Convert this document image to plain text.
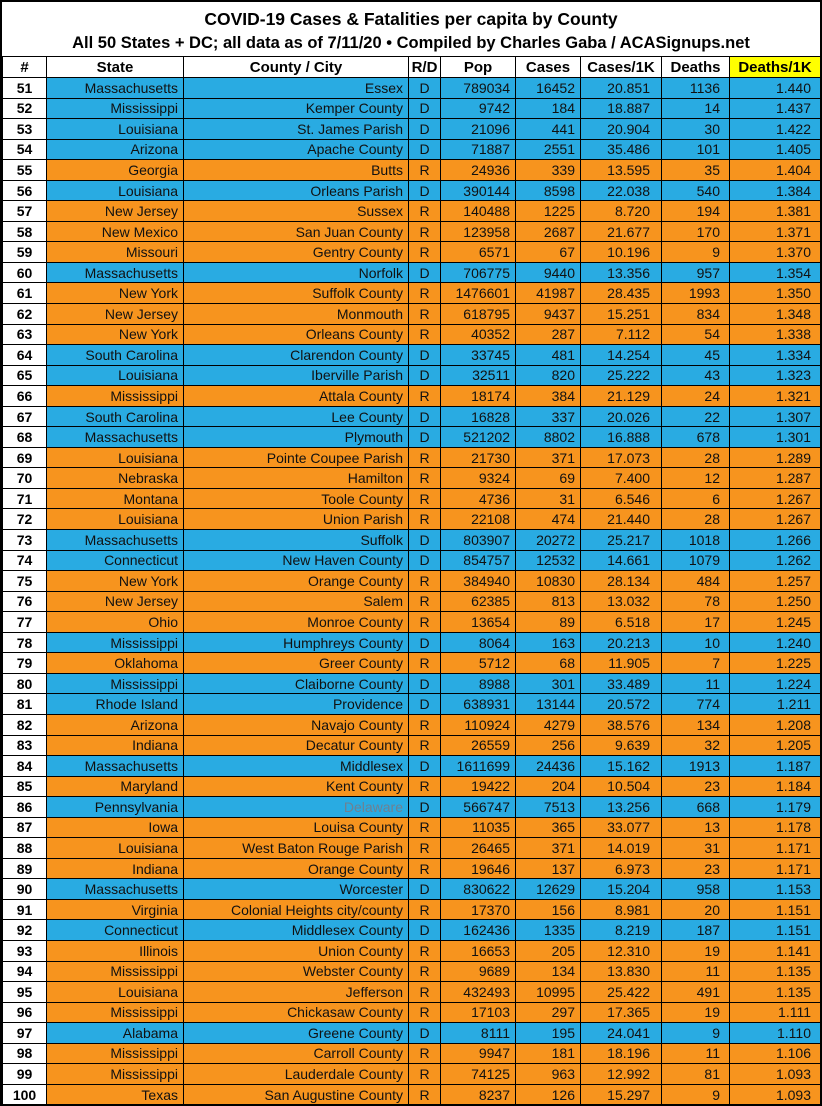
COVID-19 Cases & Fatalities per capita by County
All 50 States + DC; all data as of 7/11/20 • Compiled by Charles Gaba / ACASignups.net
#	State	County / City	R/D	Pop	Cases	Cases/1K	Deaths	Deaths/1K
51	Massachusetts	Essex	D	789034	16452	20.851	1136	1.440
52	Mississippi	Kemper County	D	9742	184	18.887	14	1.437
53	Louisiana	St. James Parish	D	21096	441	20.904	30	1.422
54	Arizona	Apache County	D	71887	2551	35.486	101	1.405
55	Georgia	Butts	R	24936	339	13.595	35	1.404
56	Louisiana	Orleans Parish	D	390144	8598	22.038	540	1.384
57	New Jersey	Sussex	R	140488	1225	8.720	194	1.381
58	New Mexico	San Juan County	R	123958	2687	21.677	170	1.371
59	Missouri	Gentry County	R	6571	67	10.196	9	1.370
60	Massachusetts	Norfolk	D	706775	9440	13.356	957	1.354
61	New York	Suffolk County	R	1476601	41987	28.435	1993	1.350
62	New Jersey	Monmouth	R	618795	9437	15.251	834	1.348
63	New York	Orleans County	R	40352	287	7.112	54	1.338
64	South Carolina	Clarendon County	D	33745	481	14.254	45	1.334
65	Louisiana	Iberville Parish	D	32511	820	25.222	43	1.323
66	Mississippi	Attala County	R	18174	384	21.129	24	1.321
67	South Carolina	Lee County	D	16828	337	20.026	22	1.307
68	Massachusetts	Plymouth	D	521202	8802	16.888	678	1.301
69	Louisiana	Pointe Coupee Parish	R	21730	371	17.073	28	1.289
70	Nebraska	Hamilton	R	9324	69	7.400	12	1.287
71	Montana	Toole County	R	4736	31	6.546	6	1.267
72	Louisiana	Union Parish	R	22108	474	21.440	28	1.267
73	Massachusetts	Suffolk	D	803907	20272	25.217	1018	1.266
74	Connecticut	New Haven County	D	854757	12532	14.661	1079	1.262
75	New York	Orange County	R	384940	10830	28.134	484	1.257
76	New Jersey	Salem	R	62385	813	13.032	78	1.250
77	Ohio	Monroe County	R	13654	89	6.518	17	1.245
78	Mississippi	Humphreys County	D	8064	163	20.213	10	1.240
79	Oklahoma	Greer County	R	5712	68	11.905	7	1.225
80	Mississippi	Claiborne County	D	8988	301	33.489	11	1.224
81	Rhode Island	Providence	D	638931	13144	20.572	774	1.211
82	Arizona	Navajo County	R	110924	4279	38.576	134	1.208
83	Indiana	Decatur County	R	26559	256	9.639	32	1.205
84	Massachusetts	Middlesex	D	1611699	24436	15.162	1913	1.187
85	Maryland	Kent County	R	19422	204	10.504	23	1.184
86	Pennsylvania	Delaware	D	566747	7513	13.256	668	1.179
87	Iowa	Louisa County	R	11035	365	33.077	13	1.178
88	Louisiana	West Baton Rouge Parish	R	26465	371	14.019	31	1.171
89	Indiana	Orange County	R	19646	137	6.973	23	1.171
90	Massachusetts	Worcester	D	830622	12629	15.204	958	1.153
91	Virginia	Colonial Heights city/county	R	17370	156	8.981	20	1.151
92	Connecticut	Middlesex County	D	162436	1335	8.219	187	1.151
93	Illinois	Union County	R	16653	205	12.310	19	1.141
94	Mississippi	Webster County	R	9689	134	13.830	11	1.135
95	Louisiana	Jefferson	R	432493	10995	25.422	491	1.135
96	Mississippi	Chickasaw County	R	17103	297	17.365	19	1.111
97	Alabama	Greene County	D	8111	195	24.041	9	1.110
98	Mississippi	Carroll County	R	9947	181	18.196	11	1.106
99	Mississippi	Lauderdale County	R	74125	963	12.992	81	1.093
100	Texas	San Augustine County	R	8237	126	15.297	9	1.093
